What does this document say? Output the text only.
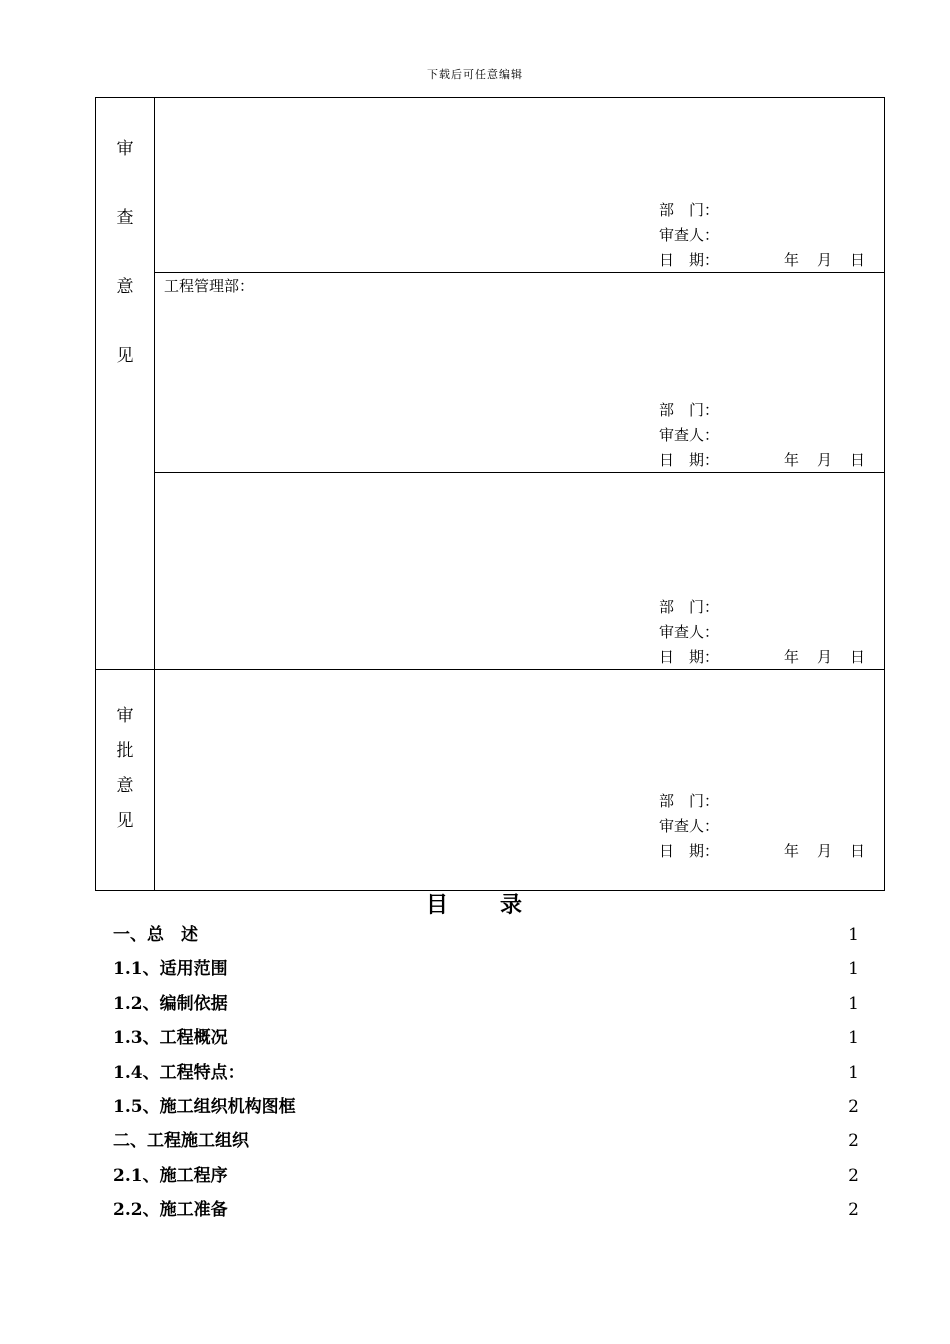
下载后可任意编辑
审
查
意
见
部　门：
审查人：
日　期：	年 月 日
工程管理部：
部　门：
审查人：
日　期：	年 月 日
部　门：
审查人：
日　期：	年 月 日
审
批
意
见
部　门：
审查人：
日　期：	年 月 日
目 录
一、总　述	1
1.1、适用范围	1
1.2、编制依据	1
1.3、工程概况	1
1.4、工程特点：	1
1.5、施工组织机构图框	2
二、工程施工组织	2
2.1、施工程序	2
2.2、施工准备	2
